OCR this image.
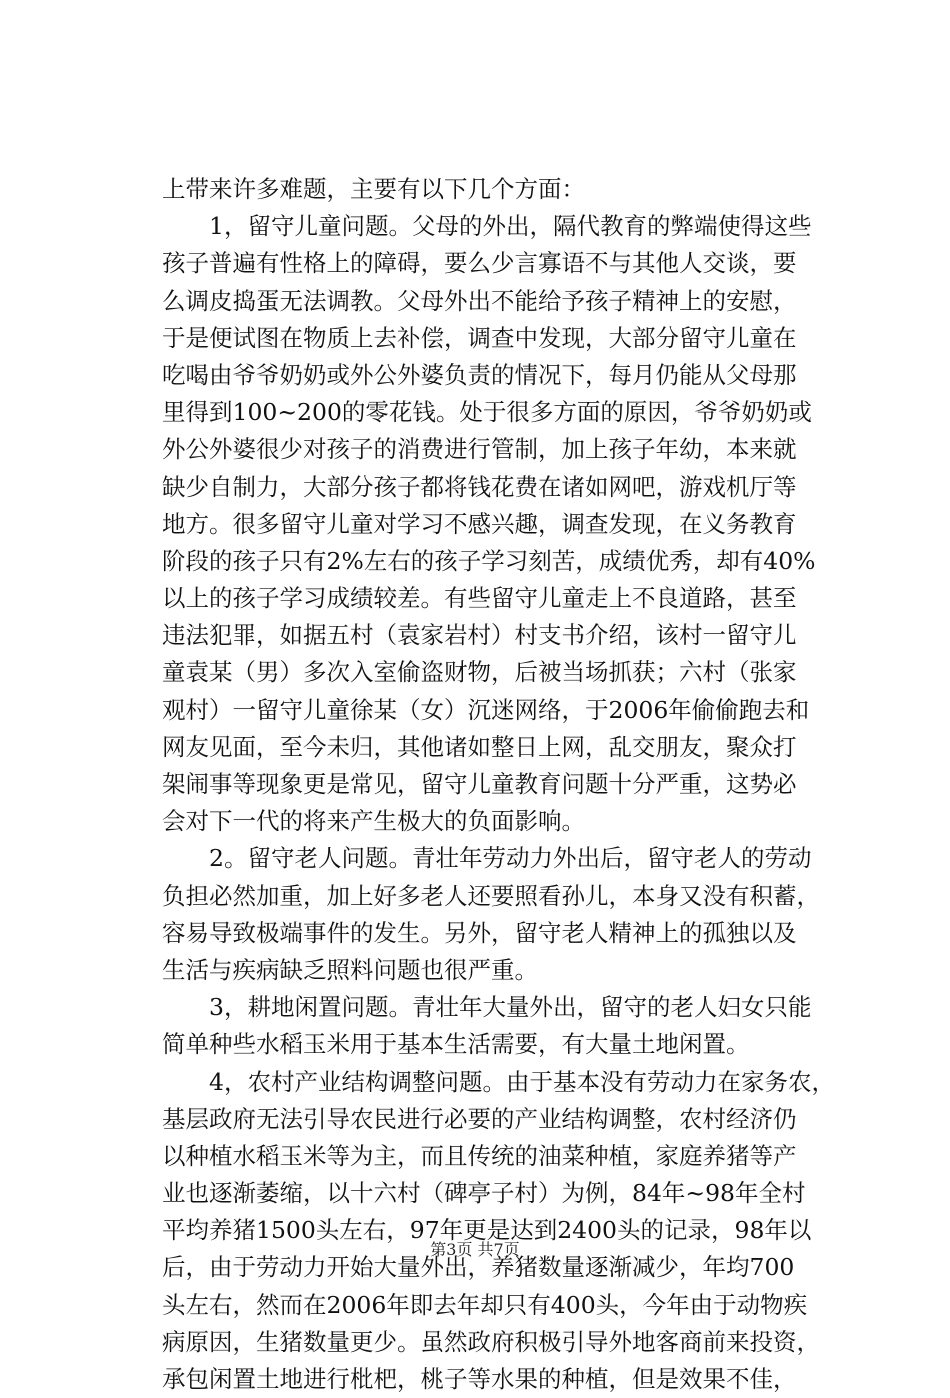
上带来许多难题，主要有以下几个方面：
1，留守儿童问题。父母的外出，隔代教育的弊端使得这些
孩子普遍有性格上的障碍，要么少言寡语不与其他人交谈，要
么调皮捣蛋无法调教。父母外出不能给予孩子精神上的安慰，
于是便试图在物质上去补偿，调查中发现，大部分留守儿童在
吃喝由爷爷奶奶或外公外婆负责的情况下，每月仍能从父母那
里得到100~200的零花钱。处于很多方面的原因，爷爷奶奶或
外公外婆很少对孩子的消费进行管制，加上孩子年幼，本来就
缺少自制力，大部分孩子都将钱花费在诸如网吧，游戏机厅等
地方。很多留守儿童对学习不感兴趣，调查发现，在义务教育
阶段的孩子只有2%左右的孩子学习刻苦，成绩优秀，却有40%
以上的孩子学习成绩较差。有些留守儿童走上不良道路，甚至
违法犯罪，如据五村（袁家岩村）村支书介绍，该村一留守儿
童袁某（男）多次入室偷盗财物，后被当场抓获；六村（张家
观村）一留守儿童徐某（女）沉迷网络，于2006年偷偷跑去和
网友见面，至今未归，其他诸如整日上网，乱交朋友，聚众打
架闹事等现象更是常见，留守儿童教育问题十分严重，这势必
会对下一代的将来产生极大的负面影响。
2。留守老人问题。青壮年劳动力外出后，留守老人的劳动
负担必然加重，加上好多老人还要照看孙儿，本身又没有积蓄，
容易导致极端事件的发生。另外，留守老人精神上的孤独以及
生活与疾病缺乏照料问题也很严重。
3，耕地闲置问题。青壮年大量外出，留守的老人妇女只能
简单种些水稻玉米用于基本生活需要，有大量土地闲置。
4，农村产业结构调整问题。由于基本没有劳动力在家务农，
基层政府无法引导农民进行必要的产业结构调整，农村经济仍
以种植水稻玉米等为主，而且传统的油菜种植，家庭养猪等产
业也逐渐萎缩，以十六村（碑亭子村）为例，84年~98年全村
平均养猪1500头左右，97年更是达到2400头的记录，98年以
后，由于劳动力开始大量外出，养猪数量逐渐减少，年均700
头左右，然而在2006年即去年却只有400头，今年由于动物疾
病原因，生猪数量更少。虽然政府积极引导外地客商前来投资，
承包闲置土地进行枇杷，桃子等水果的种植，但是效果不佳，
第3页 共7页
